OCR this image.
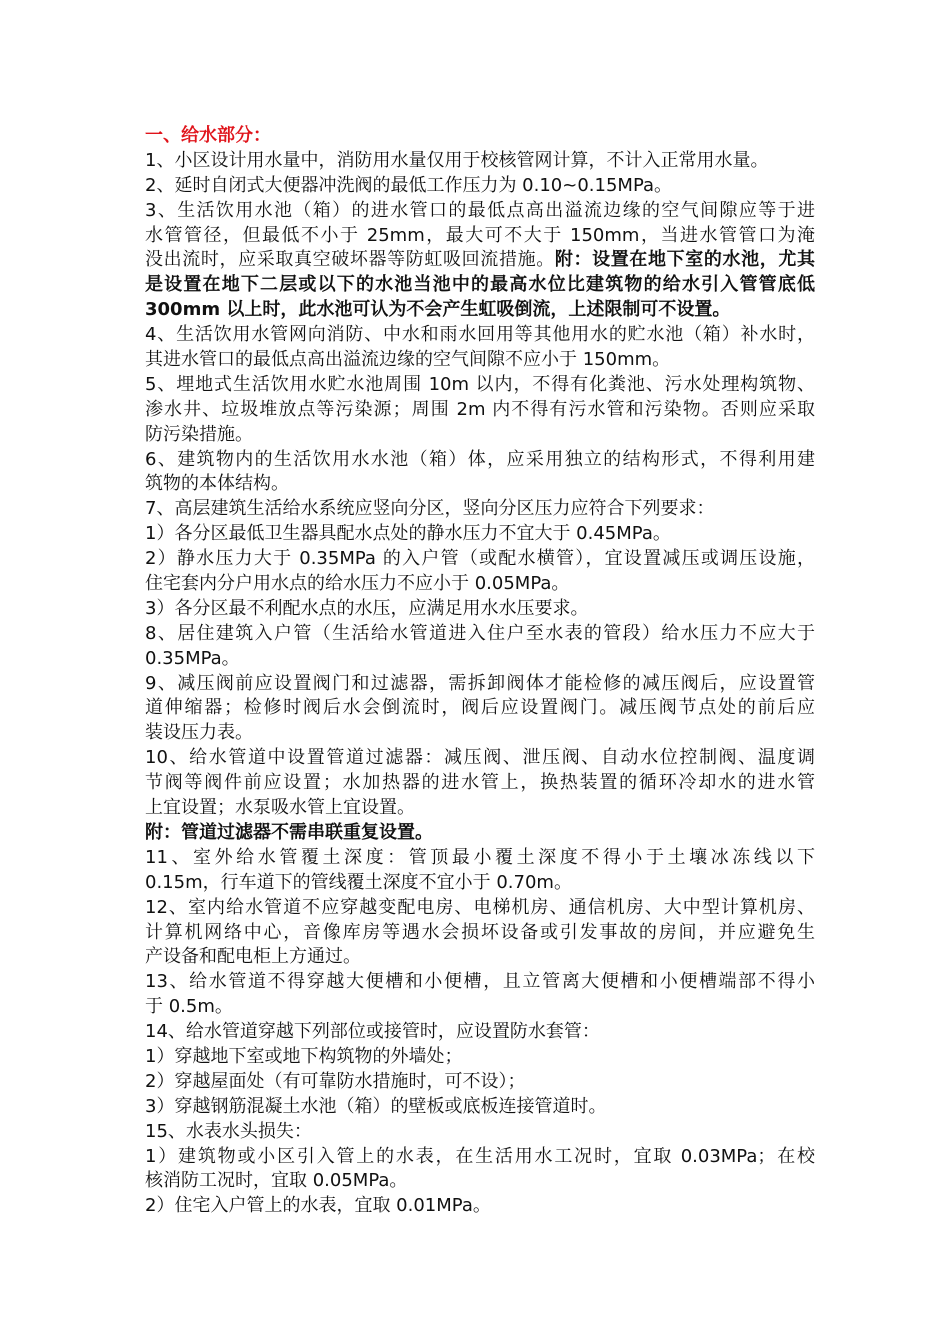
一、给水部分：
1、小区设计用水量中，消防用水量仅用于校核管网计算，不计入正常用水量。
2、延时自闭式大便器冲洗阀的最低工作压力为 0.10~0.15MPa。
3、生活饮用水池（箱）的进水管口的最低点高出溢流边缘的空气间隙应等于进
水管管径，但最低不小于 25mm，最大可不大于 150mm，当进水管管口为淹
没出流时，应采取真空破坏器等防虹吸回流措施。附：设置在地下室的水池，尤其
是设置在地下二层或以下的水池当池中的最高水位比建筑物的给水引入管管底低
300mm 以上时，此水池可认为不会产生虹吸倒流，上述限制可不设置。
4、生活饮用水管网向消防、中水和雨水回用等其他用水的贮水池（箱）补水时，
其进水管口的最低点高出溢流边缘的空气间隙不应小于 150mm。
5、埋地式生活饮用水贮水池周围 10m 以内，不得有化粪池、污水处理构筑物、
渗水井、垃圾堆放点等污染源；周围 2m 内不得有污水管和污染物。否则应采取
防污染措施。
6、建筑物内的生活饮用水水池（箱）体，应采用独立的结构形式，不得利用建
筑物的本体结构。
7、高层建筑生活给水系统应竖向分区，竖向分区压力应符合下列要求：
1）各分区最低卫生器具配水点处的静水压力不宜大于 0.45MPa。
2）静水压力大于 0.35MPa 的入户管（或配水横管），宜设置减压或调压设施，
住宅套内分户用水点的给水压力不应小于 0.05MPa。
3）各分区最不利配水点的水压，应满足用水水压要求。
8、居住建筑入户管（生活给水管道进入住户至水表的管段）给水压力不应大于
0.35MPa。
9、减压阀前应设置阀门和过滤器，需拆卸阀体才能检修的减压阀后，应设置管
道伸缩器；检修时阀后水会倒流时，阀后应设置阀门。减压阀节点处的前后应
装设压力表。
10、给水管道中设置管道过滤器：减压阀、泄压阀、自动水位控制阀、温度调
节阀等阀件前应设置；水加热器的进水管上，换热装置的循环冷却水的进水管
上宜设置；水泵吸水管上宜设置。
附：管道过滤器不需串联重复设置。
11、室外给水管覆土深度：管顶最小覆土深度不得小于土壤冰冻线以下
0.15m，行车道下的管线覆土深度不宜小于 0.70m。
12、室内给水管道不应穿越变配电房、电梯机房、通信机房、大中型计算机房、
计算机网络中心，音像库房等遇水会损坏设备或引发事故的房间，并应避免生
产设备和配电柜上方通过。
13、给水管道不得穿越大便槽和小便槽，且立管离大便槽和小便槽端部不得小
于 0.5m。
14、给水管道穿越下列部位或接管时，应设置防水套管：
1）穿越地下室或地下构筑物的外墙处；
2）穿越屋面处（有可靠防水措施时，可不设）；
3）穿越钢筋混凝土水池（箱）的壁板或底板连接管道时。
15、水表水头损失：
1）建筑物或小区引入管上的水表，在生活用水工况时，宜取 0.03MPa；在校
核消防工况时，宜取 0.05MPa。
2）住宅入户管上的水表，宜取 0.01MPa。
